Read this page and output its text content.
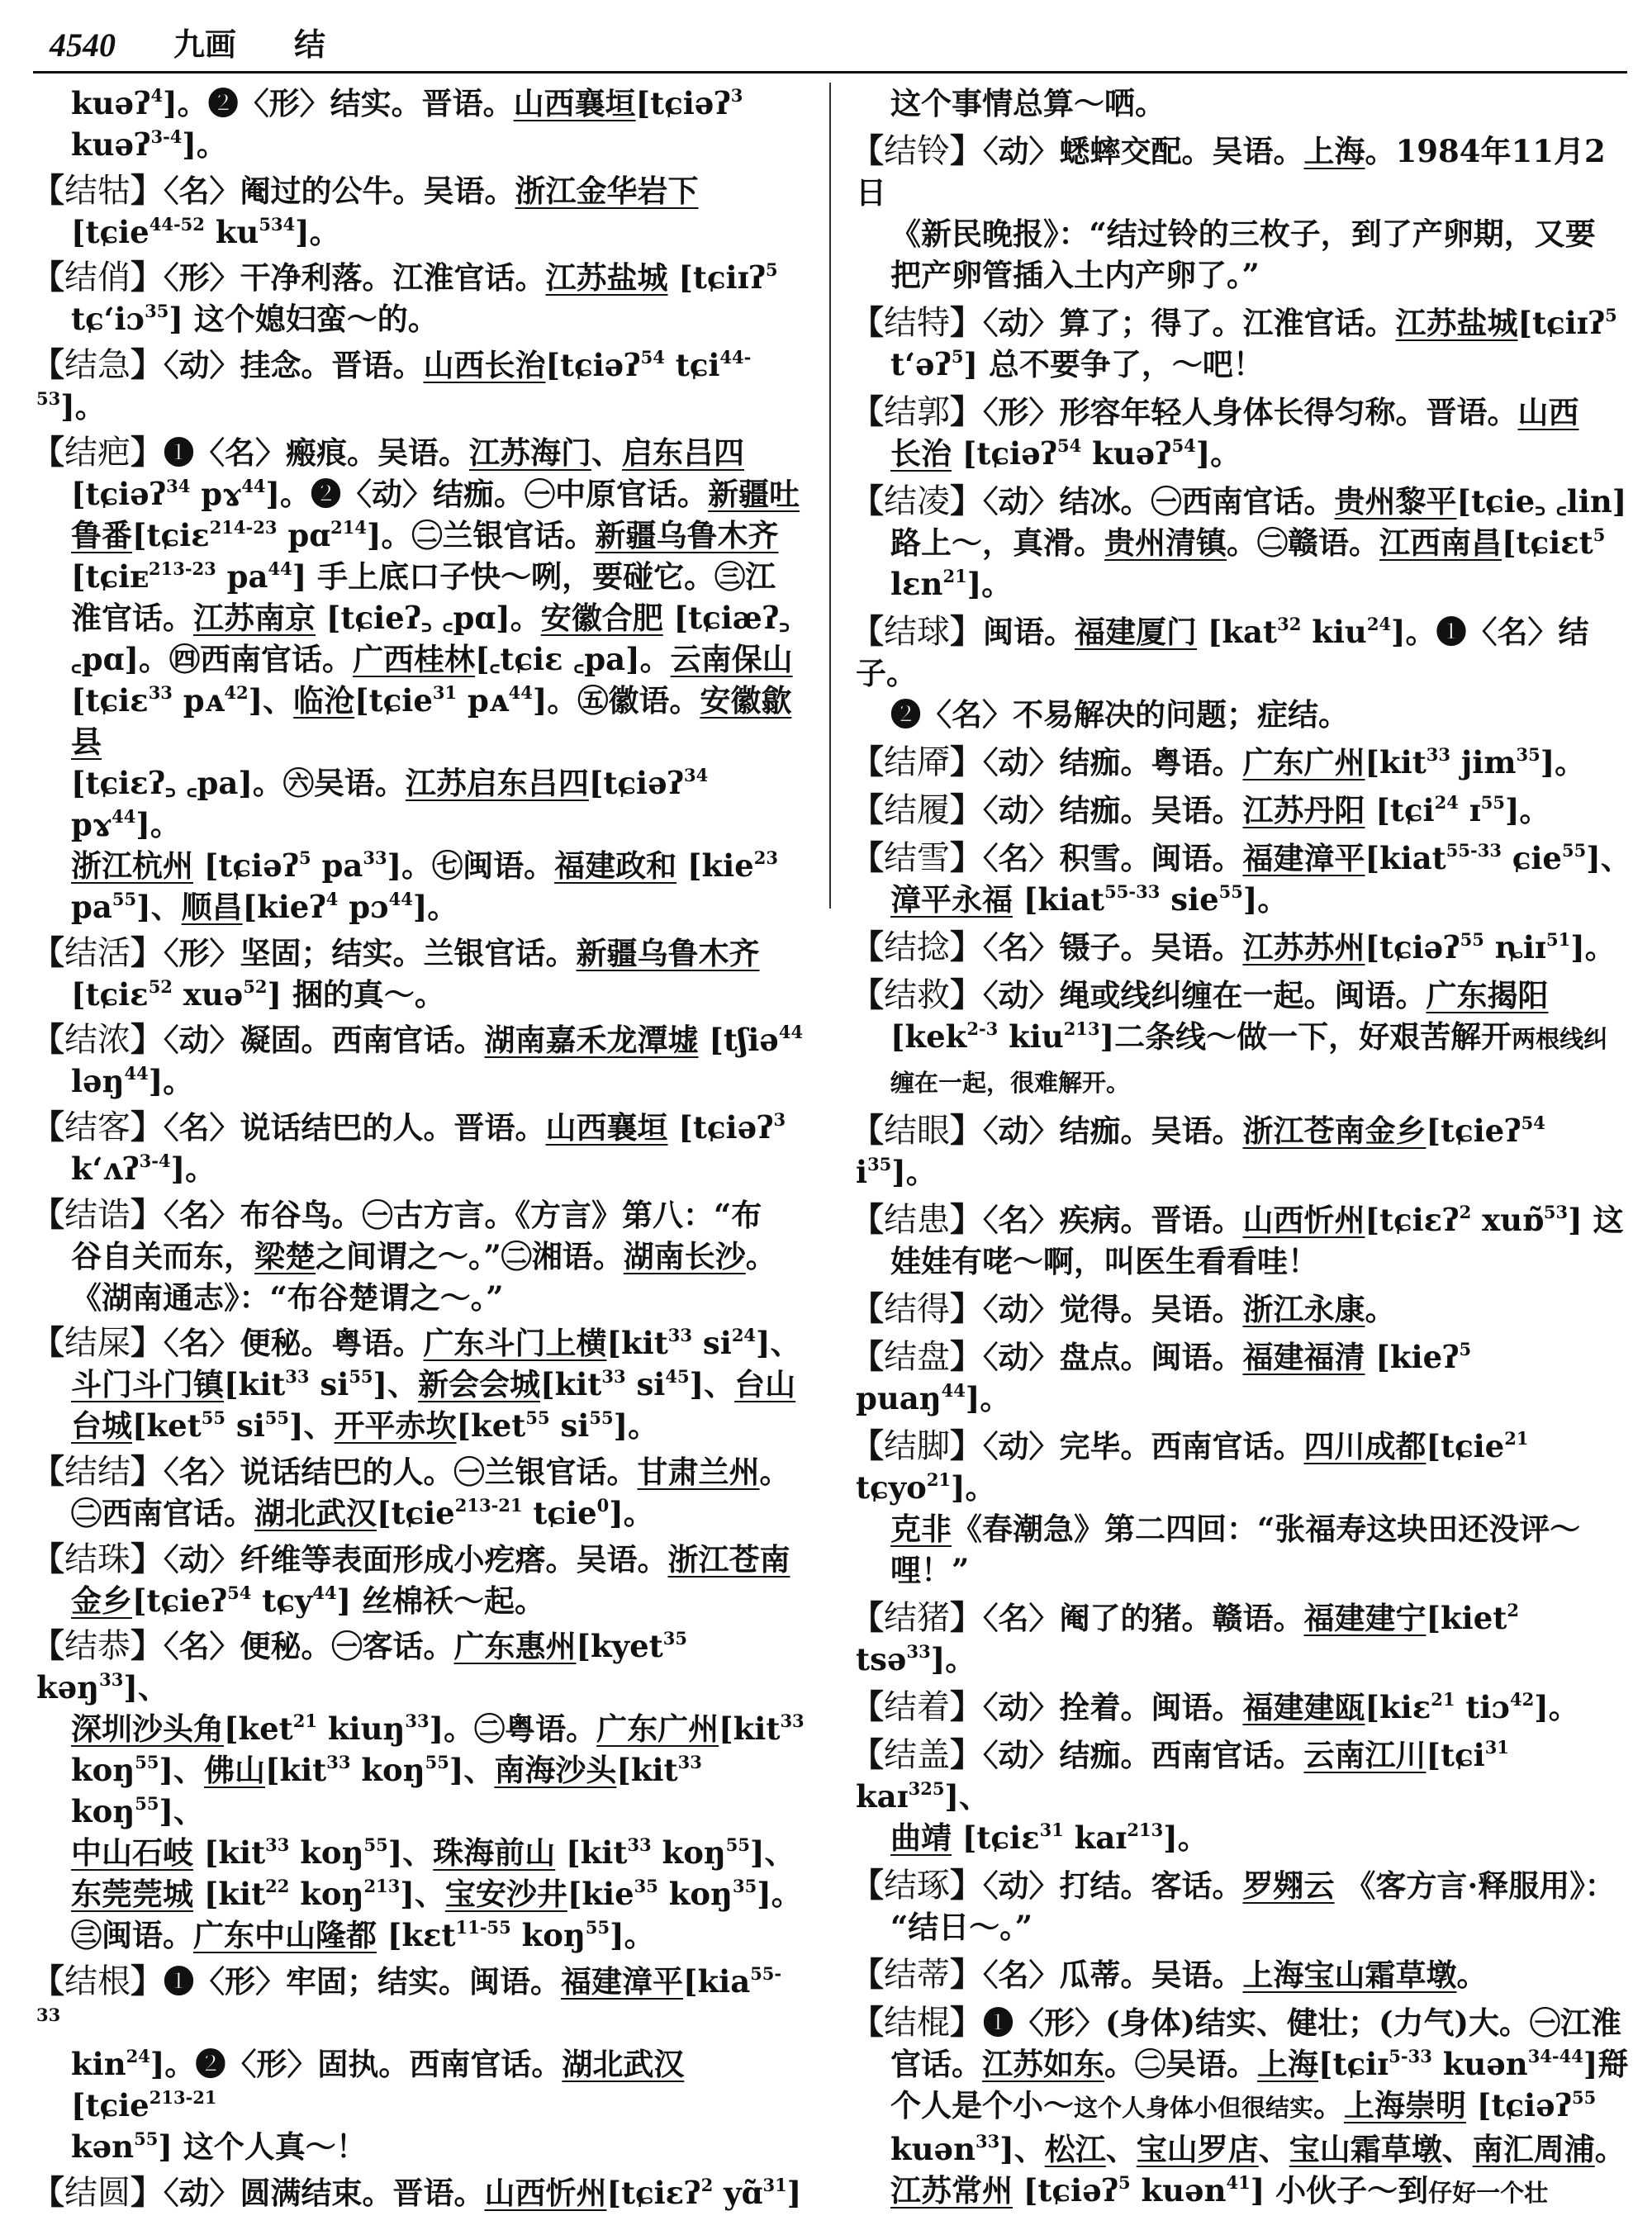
4540 九画 结
kuəʔ$^4$]。❷〈形〉结实。晋语。山西襄垣[tɕiəʔ$^3$ kuəʔ$^{3-4}$]。
【结牯】〈名〉阉过的公牛。吴语。浙江金华岩下
[tɕie$^{44-52}$ $ku^{534}$]。
【结俏】〈形〉干净利落。江淮官话。江苏盐城 [tɕiɪʔ$^5$
tɕʻiɔ$^{35}$] 这个媳妇蛮～的。
【结急】〈动〉挂念。晋语。山西长治[tɕiəʔ$^{54}$ tɕi$^{44-53}$]。
【结疤】❶〈名〉瘢痕。吴语。江苏海门、启东吕四
[tɕiəʔ$^{34}$ pɤ$^{44}$]。❷〈动〉结痂。㊀中原官话。新疆吐
鲁番[tɕiɛ$^{214-23}$ pɑ$^{214}$]。㊁兰银官话。新疆乌鲁木齐
[tɕiᴇ$^{213-23}$ $pa^{44}$] 手上底口子快～咧，要碰它。㊂江
淮官话。江苏南京 [tɕieʔ꜆ ꜀pɑ]。安徽合肥 [tɕiæʔ꜆
꜀pɑ]。㊃西南官话。广西桂林[꜀tɕiɛ ꜀pa]。云南保山
[tɕiɛ$^{33}$ pᴀ$^{42}$]、临沧[tɕie$^{31}$ pᴀ$^{44}$]。㊄徽语。安徽歙县
[tɕiɛʔ꜆ ꜀pa]。㊅吴语。江苏启东吕四[tɕiəʔ$^{34}$ pɤ$^{44}$]。
浙江杭州 [tɕiəʔ$^5$ $pa^{33}$]。㊆闽语。福建政和 [kie$^{23}$
$pa^{55}$]、顺昌[kieʔ$^4$ pɔ$^{44}$]。
【结活】〈形〉坚固；结实。兰银官话。新疆乌鲁木齐
[tɕiɛ$^{52}$ xuə$^{52}$] 捆的真～。
【结浓】〈动〉凝固。西南官话。湖南嘉禾龙潭墟 [tʃiə$^{44}$
ləŋ$^{44}$]。
【结客】〈名〉说话结巴的人。晋语。山西襄垣 [tɕiəʔ$^3$
kʻʌʔ$^{3-4}$]。
【结诰】〈名〉布谷鸟。㊀古方言。《方言》第八：“布
谷自关而东，梁楚之间谓之～。”㊁湘语。湖南长沙。
《湖南通志》：“布谷楚谓之～。”
【结屎】〈名〉便秘。粤语。广东斗门上横[kit$^{33}$ $si^{24}$]、
斗门斗门镇[kit$^{33}$ $si^{55}$]、新会会城[kit$^{33}$ $si^{45}$]、台山
台城[ket$^{55}$ $si^{55}$]、开平赤坎[ket$^{55}$ $si^{55}$]。
【结结】〈名〉说话结巴的人。㊀兰银官话。甘肃兰州。
㊁西南官话。湖北武汉[tɕie$^{213-21}$ tɕie$^0$]。
【结珠】〈动〉纤维等表面形成小疙瘩。吴语。浙江苍南
金乡[tɕieʔ$^{54}$ tɕy$^{44}$] 丝棉袄～起。
【结恭】〈名〉便秘。㊀客话。广东惠州[kyet$^{35}$ kəŋ$^{33}$]、
深圳沙头角[ket$^{21}$ kiuŋ$^{33}$]。㊁粤语。广东广州[kit$^{33}$
koŋ$^{55}$]、佛山[kit$^{33}$ koŋ$^{55}$]、南海沙头[kit$^{33}$ koŋ$^{55}$]、
中山石岐 [kit$^{33}$ koŋ$^{55}$]、珠海前山 [kit$^{33}$ koŋ$^{55}$]、
东莞莞城 [kit$^{22}$ koŋ$^{213}$]、宝安沙井[kie$^{35}$ koŋ$^{35}$]。
㊂闽语。广东中山隆都 [kɛt$^{11-55}$ koŋ$^{55}$]。
【结根】❶〈形〉牢固；结实。闽语。福建漳平[kia$^{55-33}$
kin$^{24}$]。❷〈形〉固执。西南官话。湖北武汉 [tɕie$^{213-21}$
kən$^{55}$] 这个人真～！
【结圆】〈动〉圆满结束。晋语。山西忻州[tɕiɛʔ$^2$ yɑ̃$^{31}$]
这个事情总算～哂。
【结铃】〈动〉蟋蟀交配。吴语。上海。1984年11月2日
《新民晚报》：“结过铃的三枚子，到了产卵期，又要
把产卵管插入土内产卵了。”
【结特】〈动〉算了；得了。江淮官话。江苏盐城[tɕiɪʔ$^5$
tʻəʔ$^5$] 总不要争了，～吧！
【结郭】〈形〉形容年轻人身体长得匀称。晋语。山西
长治 [tɕiəʔ$^{54}$ kuəʔ$^{54}$]。
【结凌】〈动〉结冰。㊀西南官话。贵州黎平[tɕie꜆ ꜀lin]
路上～，真滑。贵州清镇。㊁赣语。江西南昌[tɕiɛt$^5$
lɛn$^{21}$]。
【结球】闽语。福建厦门 [kat$^{32}$ kiu$^{24}$]。❶〈名〉结子。
❷〈名〉不易解决的问题；症结。
【结厣】〈动〉结痂。粤语。广东广州[kit$^{33}$ jim$^{35}$]。
【结履】〈动〉结痂。吴语。江苏丹阳 [tɕi$^{24}$ ɪ$^{55}$]。
【结雪】〈名〉积雪。闽语。福建漳平[kiat$^{55-33}$ ɕie$^{55}$]、
漳平永福 [kiat$^{55-33}$ sie$^{55}$]。
【结捻】〈名〉镊子。吴语。江苏苏州[tɕiəʔ$^{55}$ ȵiɪ$^{51}$]。
【结救】〈动〉绳或线纠缠在一起。闽语。广东揭阳
[kek$^{2-3}$ kiu$^{213}$]二条线～做一下，好艰苦解开两根线纠
缠在一起，很难解开。
【结眼】〈动〉结痂。吴语。浙江苍南金乡[tɕieʔ$^{54}$ $i^{35}$]。
【结患】〈名〉疾病。晋语。山西忻州[tɕiɛʔ$^2$ xuɒ̃$^{53}$] 这
娃娃有咾～啊，叫医生看看哇！
【结得】〈动〉觉得。吴语。浙江永康。
【结盘】〈动〉盘点。闽语。福建福清 [kieʔ$^5$ puaŋ$^{44}$]。
【结脚】〈动〉完毕。西南官话。四川成都[tɕie$^{21}$ tɕyo$^{21}$]。
克非《春潮急》第二四回：“张福寿这块田还没评～哩！”
【结猪】〈名〉阉了的猪。赣语。福建建宁[kiet$^2$ tsə$^{33}$]。
【结着】〈动〉拴着。闽语。福建建瓯[kiɛ$^{21}$ tiɔ$^{42}$]。
【结盖】〈动〉结痂。西南官话。云南江川[tɕi$^{31}$ kaɪ$^{325}$]、
曲靖 [tɕiɛ$^{31}$ kaɪ$^{213}$]。
【结琢】〈动〉打结。客话。罗翙云 《客方言·释服用》：
“结日～。”
【结蒂】〈名〉瓜蒂。吴语。上海宝山霜草墩。
【结棍】❶〈形〉(身体)结实、健壮；(力气)大。㊀江淮
官话。江苏如东。㊁吴语。上海[tɕiɪ$^{5-33}$ kuən$^{34-44}$]搿
个人是个小～这个人身体小但很结实。上海崇明 [tɕiəʔ$^{55}$
kuən$^{33}$]、松江、宝山罗店、宝山霜草墩、南汇周浦。
江苏常州 [tɕiəʔ$^5$ kuən$^{41}$] 小伙子～到仔好一个壮
